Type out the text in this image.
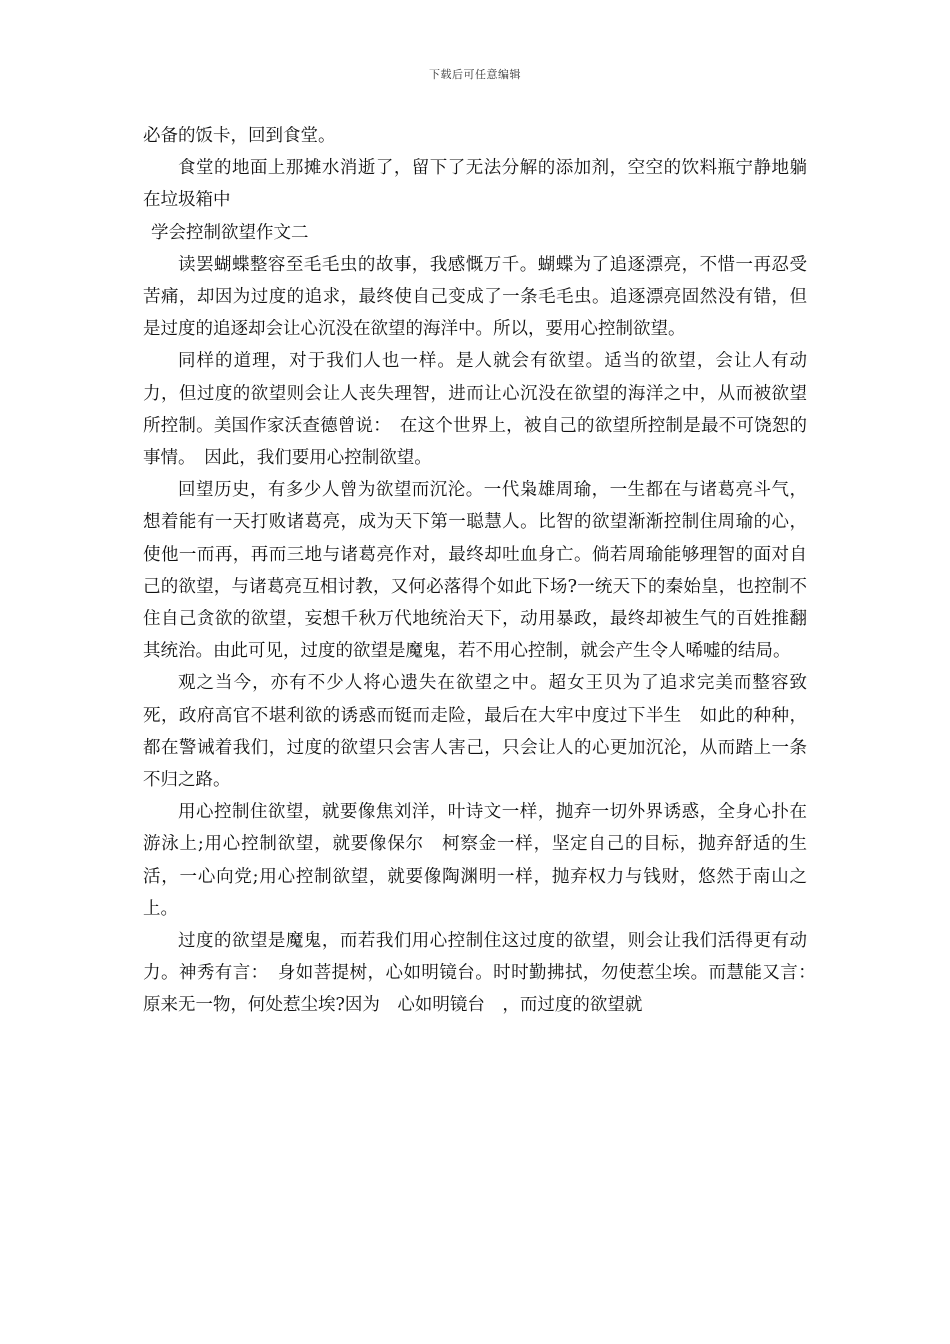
下载后可任意编辑

必备的饭卡，回到食堂。

食堂的地面上那摊水消逝了，留下了无法分解的添加剂，空空的饮料瓶宁静地躺在垃圾箱中

学会控制欲望作文二

读罢蝴蝶整容至毛毛虫的故事，我感慨万千。蝴蝶为了追逐漂亮，不惜一再忍受苦痛，却因为过度的追求，最终使自己变成了一条毛毛虫。追逐漂亮固然没有错，但是过度的追逐却会让心沉没在欲望的海洋中。所以，要用心控制欲望。

同样的道理，对于我们人也一样。是人就会有欲望。适当的欲望，会让人有动力，但过度的欲望则会让人丧失理智，进而让心沉没在欲望的海洋之中，从而被欲望所控制。美国作家沃查德曾说：　在这个世界上，被自己的欲望所控制是最不可饶恕的事情。　因此，我们要用心控制欲望。

回望历史，有多少人曾为欲望而沉沦。一代枭雄周瑜，一生都在与诸葛亮斗气，想着能有一天打败诸葛亮，成为天下第一聪慧人。比智的欲望渐渐控制住周瑜的心，使他一而再，再而三地与诸葛亮作对，最终却吐血身亡。倘若周瑜能够理智的面对自己的欲望，与诸葛亮互相讨教，又何必落得个如此下场?一统天下的秦始皇，也控制不住自己贪欲的欲望，妄想千秋万代地统治天下，动用暴政，最终却被生气的百姓推翻其统治。由此可见，过度的欲望是魔鬼，若不用心控制，就会产生令人唏嘘的结局。

观之当今，亦有不少人将心遗失在欲望之中。超女王贝为了追求完美而整容致死，政府高官不堪利欲的诱惑而铤而走险，最后在大牢中度过下半生　如此的种种，都在警诫着我们，过度的欲望只会害人害己，只会让人的心更加沉沦，从而踏上一条不归之路。

用心控制住欲望，就要像焦刘洋，叶诗文一样，抛弃一切外界诱惑，全身心扑在游泳上;用心控制欲望，就要像保尔　柯察金一样，坚定自己的目标，抛弃舒适的生活，一心向党;用心控制欲望，就要像陶渊明一样，抛弃权力与钱财，悠然于南山之上。

过度的欲望是魔鬼，而若我们用心控制住这过度的欲望，则会让我们活得更有动力。神秀有言：　身如菩提树，心如明镜台。时时勤拂拭，勿使惹尘埃。而慧能又言：　原来无一物，何处惹尘埃?因为　心如明镜台　，而过度的欲望就
